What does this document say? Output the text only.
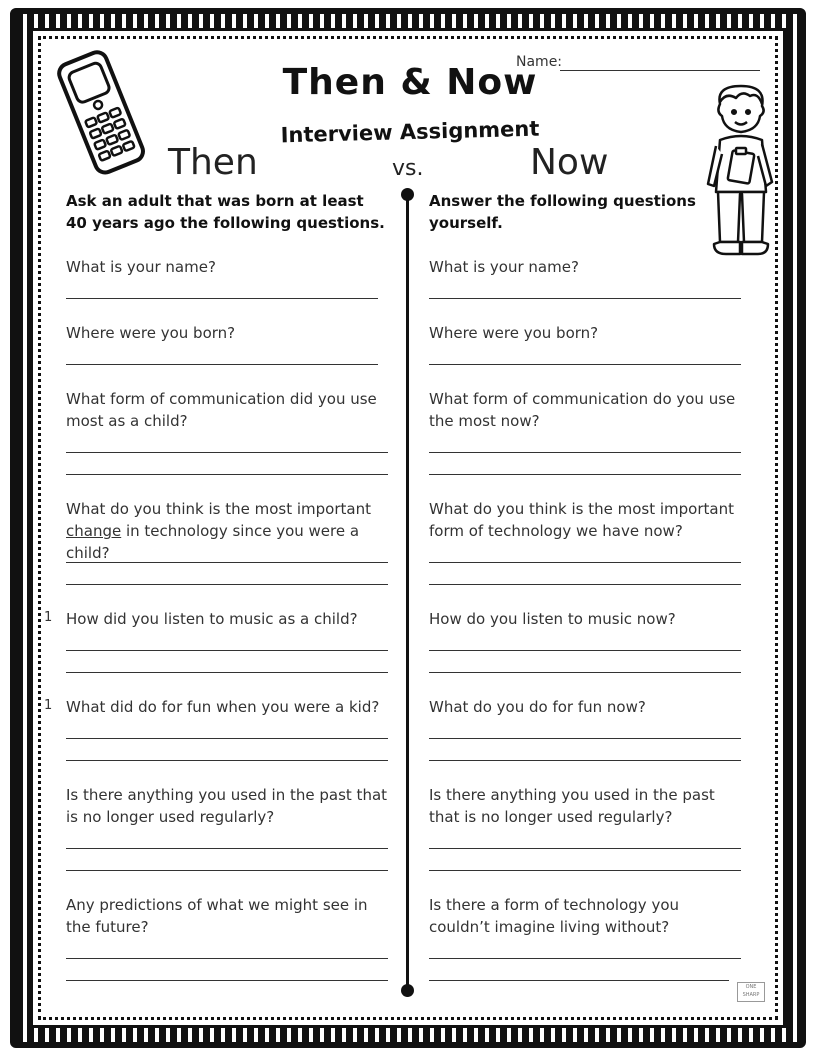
Name:
Then & Now
Interview Assignment
Then	vs.	Now
Ask an adult that was born at least 40 years ago the following questions.
What is your name?
Where were you born?
What form of communication did you use most as a child?
What do you think is the most important
change in technology since you were a child?
How did you listen to music as a child?
What did do for fun when you were a kid?
Is there anything you used in the past that is no longer used regularly?
Any predictions of what we might see in the future?
1
1
Answer the following questions yourself.
What is your name?
Where were you born?
What form of communication do you use the most now?
What do you think is the most important form of technology we have now?
How do you listen to music now?
What do you do for fun now?
Is there anything you used in the past that is no longer used regularly?
Is there a form of technology you couldn’t imagine living without?
ONE SHARP
